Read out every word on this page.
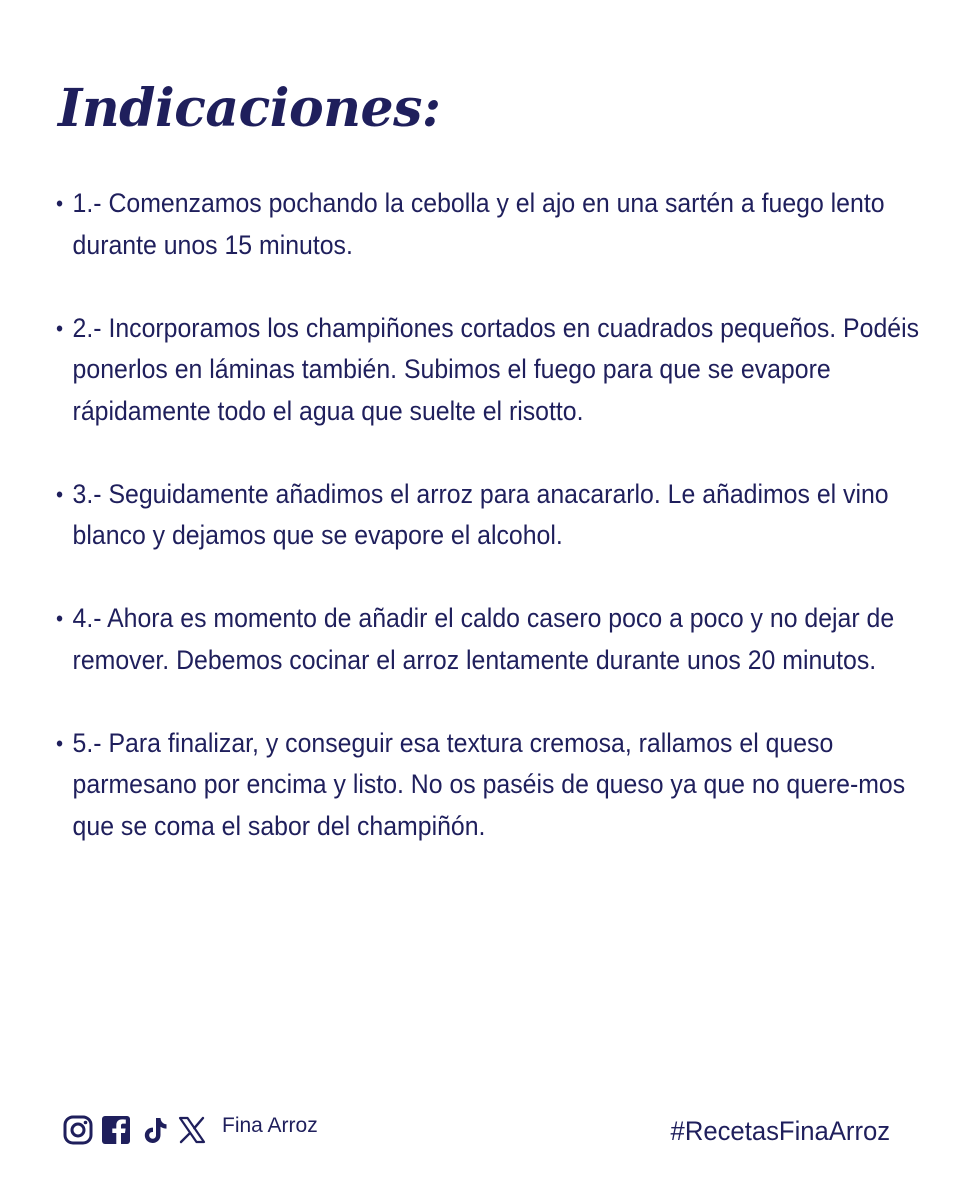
Indicaciones:
• 1.- Comenzamos pochando la cebolla y el ajo en una sartén a fuego lento durante unos 15 minutos.
• 2.- Incorporamos los champiñones cortados en cuadrados pequeños. Podéis ponerlos en láminas también. Subimos el fuego para que se evapore rápidamente todo el agua que suelte el risotto.
• 3.- Seguidamente añadimos el arroz para anacararlo. Le añadimos el vino blanco y dejamos que se evapore el alcohol.
• 4.- Ahora es momento de añadir el caldo casero poco a poco y no dejar de remover. Debemos cocinar el arroz lentamente durante unos 20 minutos.
• 5.- Para finalizar, y conseguir esa textura cremosa, rallamos el queso parmesano por encima y listo. No os paséis de queso ya que no quere-mos que se coma el sabor del champiñón.
Fina Arroz	#RecetasFinaArroz
